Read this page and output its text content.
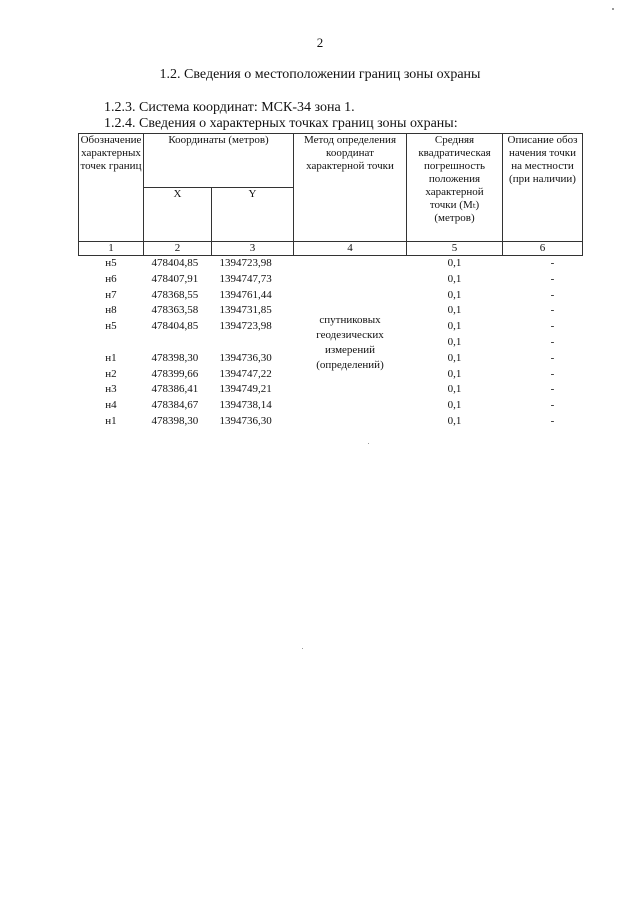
2
1.2. Сведения о местоположении границ зоны охраны
1.2.3. Система координат: МСК-34 зона 1.
1.2.4. Сведения о характерных точках границ зоны охраны:
Обозначение характерных точек границ	Координаты (метров)		Метод определения координат характерной точки	Средняя квадратическая погрешность положения характерной точки (Mₜ) (метров)	Описание обозначения точки на местности (при наличии)
	X	Y			
1	2	3	4	5	6
н5	478404,85	1394723,98	спутниковых геодезических измерений (определений)	0,1	-
н6	478407,91	1394747,73		0,1	-
н7	478368,55	1394761,44		0,1	-
н8	478363,58	1394731,85		0,1	-
н5	478404,85	1394723,98		0,1	-
				0,1	-
н1	478398,30	1394736,30		0,1	-
н2	478399,66	1394747,22		0,1	-
н3	478386,41	1394749,21		0,1	-
н4	478384,67	1394738,14		0,1	-
н1	478398,30	1394736,30		0,1	-
